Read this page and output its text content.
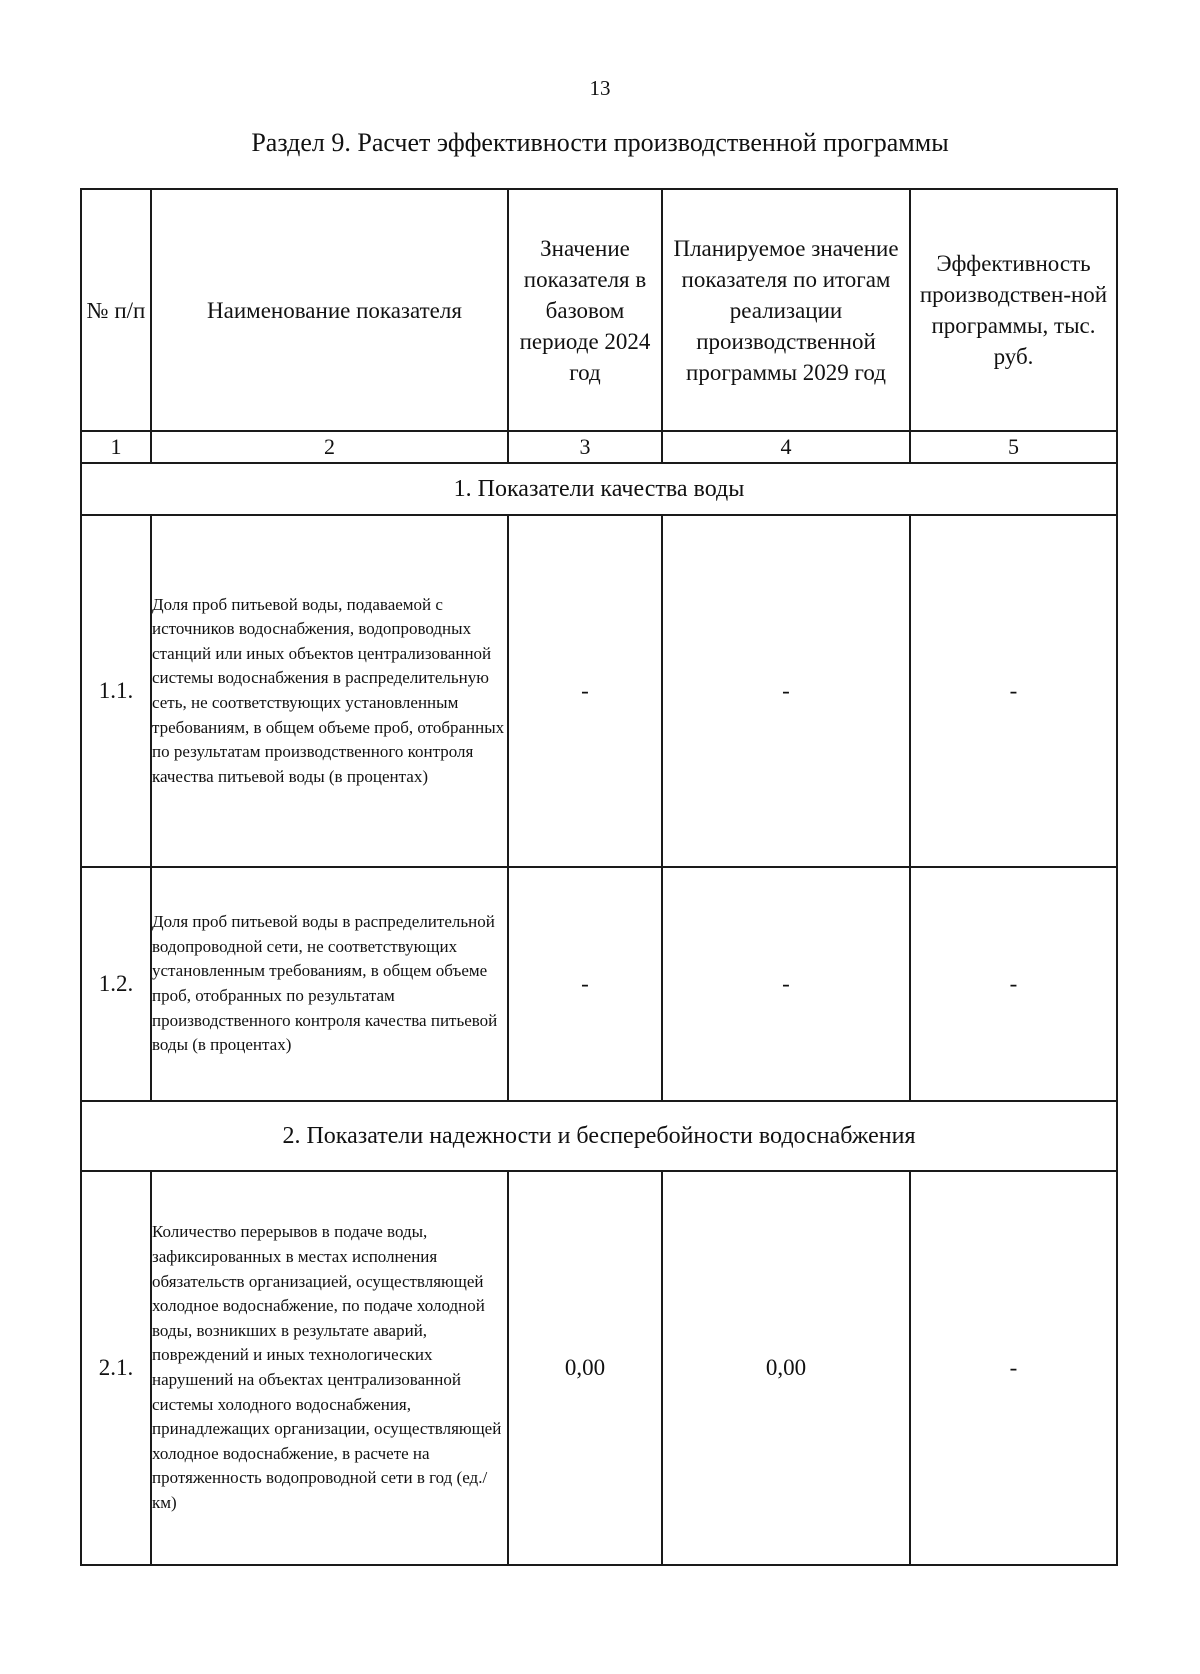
13
Раздел 9. Расчет эффективности производственной программы
№ п/п	Наименование показателя	Значение показателя в базовом периоде 2024 год	Планируемое значение показателя по итогам реализации производственной программы 2029 год	Эффективность производствен-ной программы, тыс. руб.
1	2	3	4	5
1. Показатели качества воды				
1.1.	Доля проб питьевой воды, подаваемой с источников водоснабжения, водопроводных станций или иных объектов централизованной системы водоснабжения в распределительную сеть, не соответствующих установленным требованиям, в общем объеме проб, отобранных по результатам производственного контроля качества питьевой воды (в процентах)	-	-	-
1.2.	Доля проб питьевой воды в распределительной водопроводной сети, не соответствующих установленным требованиям, в общем объеме проб, отобранных по результатам производственного контроля качества питьевой воды (в процентах)	-	-	-
2. Показатели надежности и бесперебойности водоснабжения				
2.1.	Количество перерывов в подаче воды, зафиксированных в местах исполнения обязательств организацией, осуществляющей холодное водоснабжение, по подаче холодной воды, возникших в результате аварий, повреждений и иных технологических нарушений на объектах централизованной системы холодного водоснабжения, принадлежащих организации, осуществляющей холодное водоснабжение, в расчете на протяженность водопроводной сети в год (ед./км)	0,00	0,00	-
